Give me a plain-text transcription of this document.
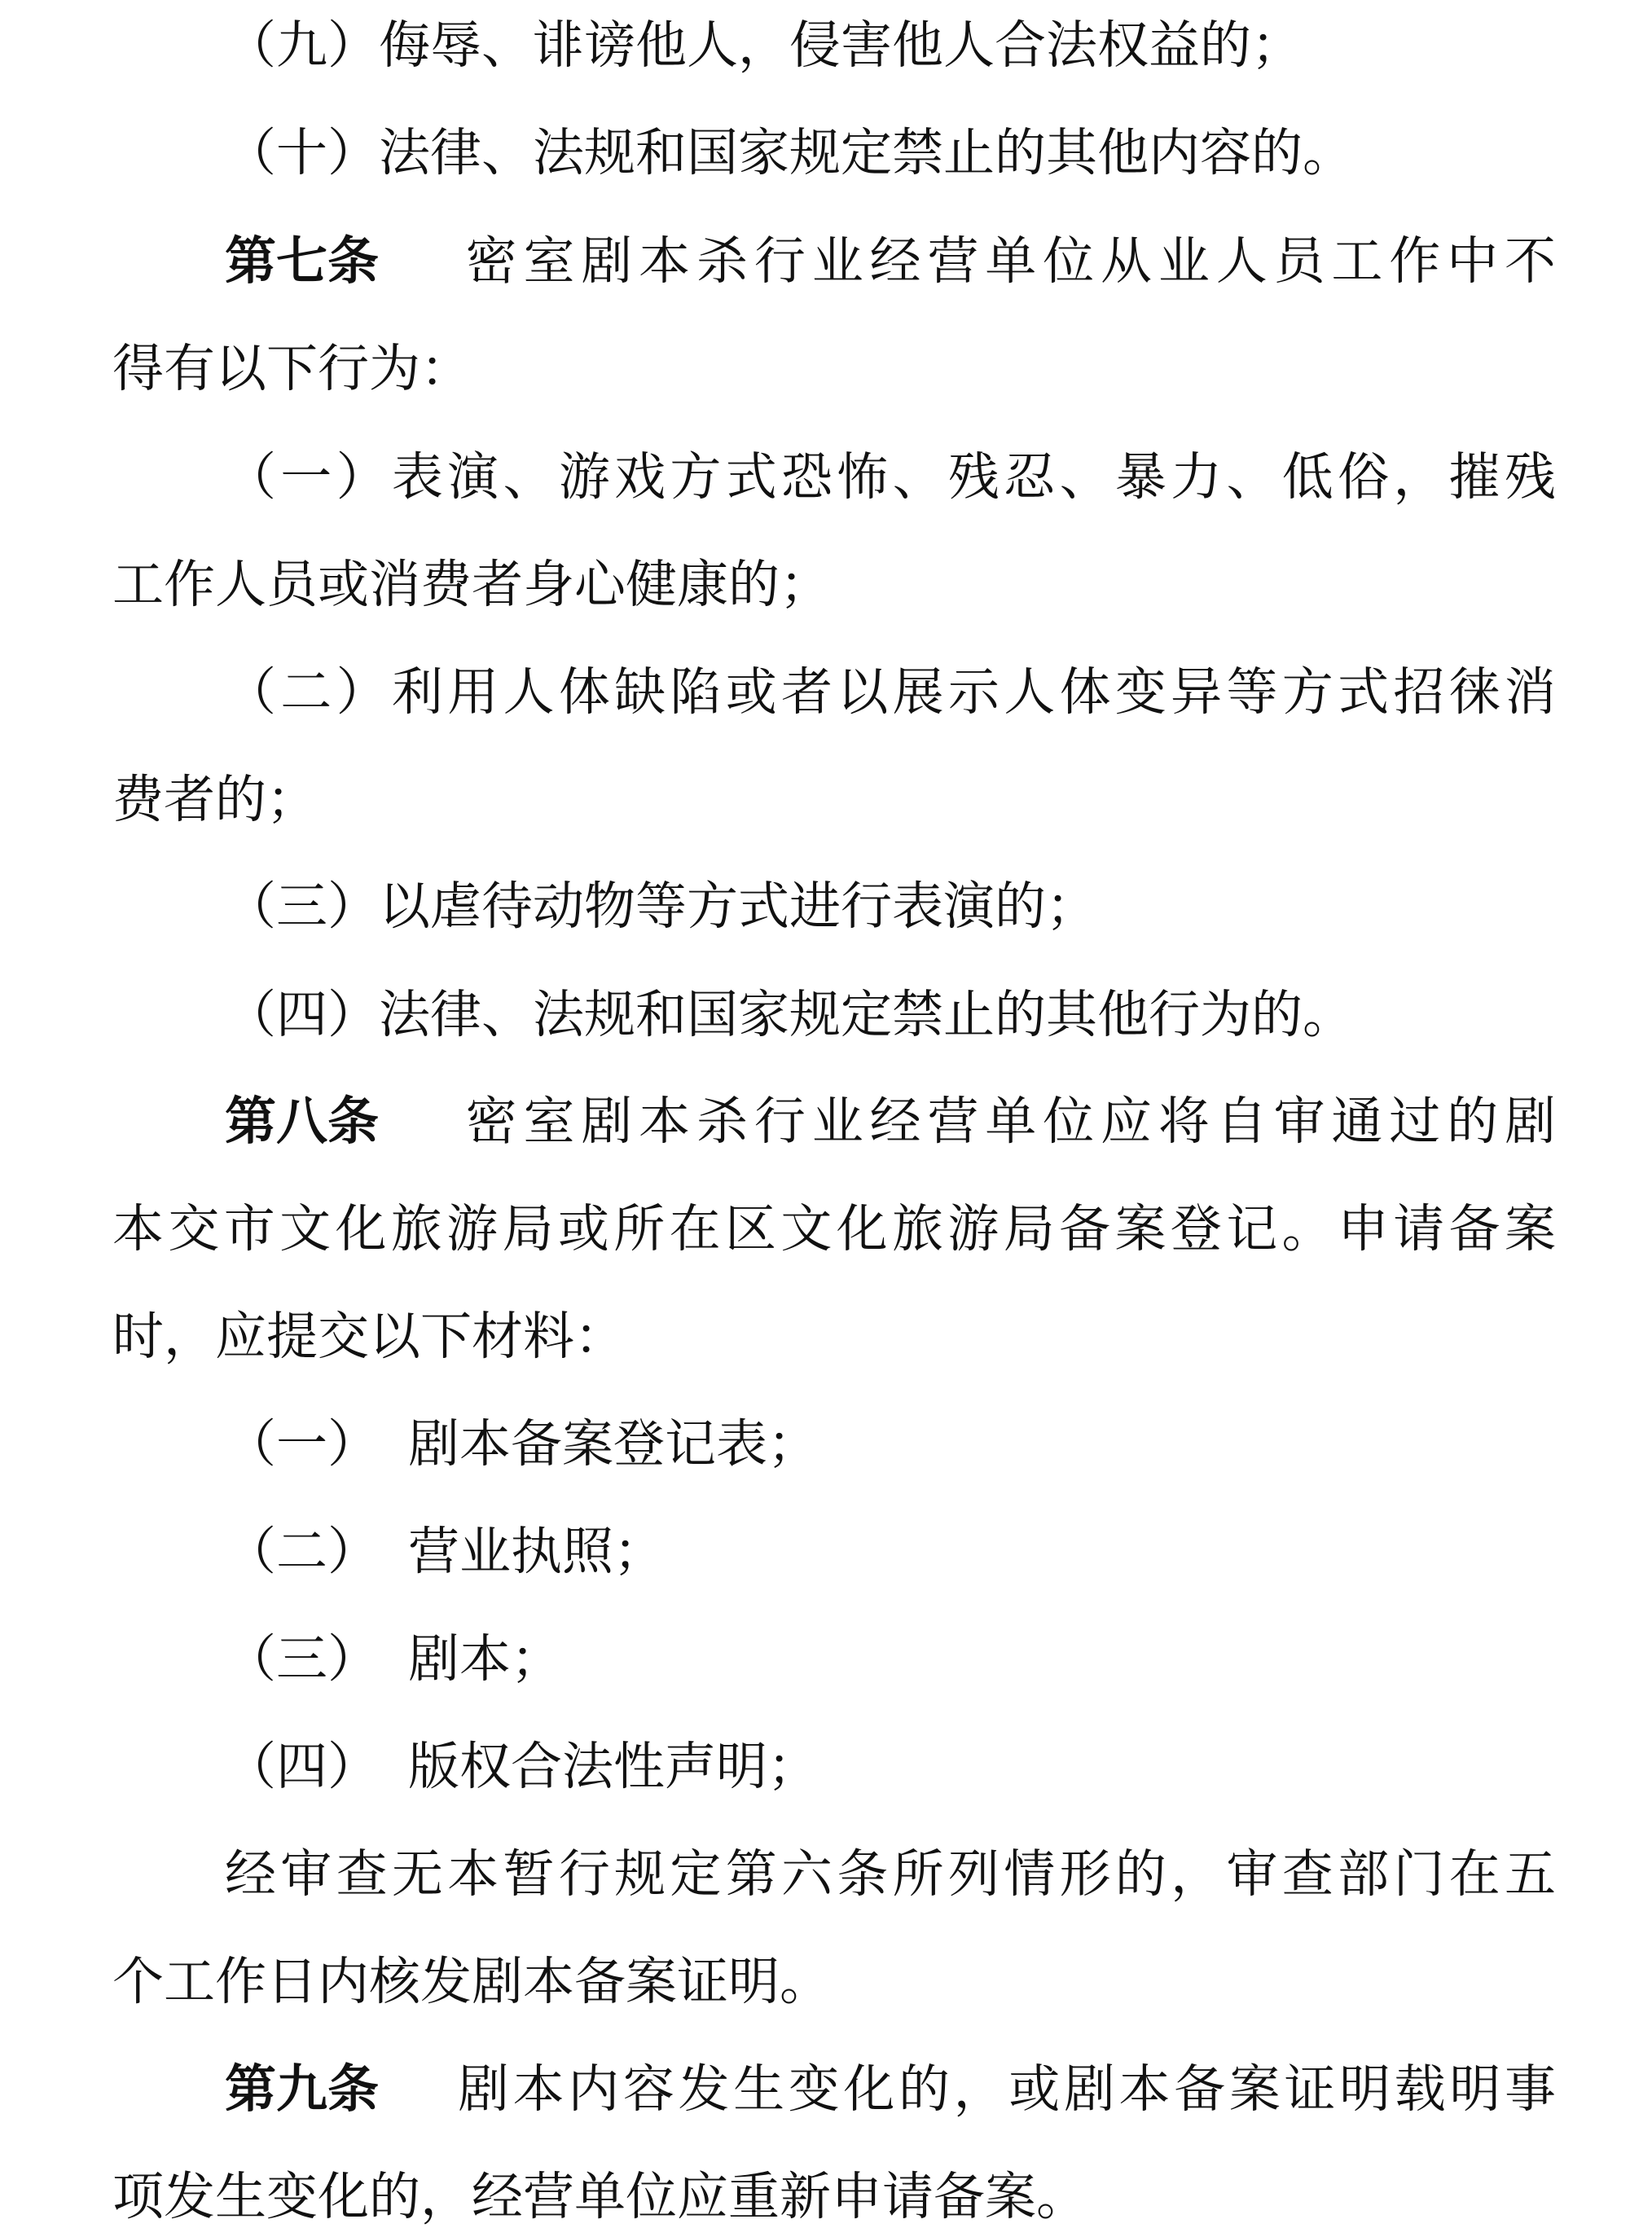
（九）侮辱、诽谤他人，侵害他人合法权益的；
（十）法律、法规和国家规定禁止的其他内容的。
第七条　 密室剧本杀行业经营单位从业人员工作中不
得有以下行为：
（一）表演、游戏方式恐怖、残忍、暴力、低俗，摧残
工作人员或消费者身心健康的；
（二）利用人体缺陷或者以展示人体变异等方式招徕消
费者的；
（三）以虐待动物等方式进行表演的；
（四）法律、法规和国家规定禁止的其他行为的。
第八条　 密室剧本杀行业经营单位应将自审通过的剧
本交市文化旅游局或所在区文化旅游局备案登记。申请备案
时，应提交以下材料：
（一） 剧本备案登记表；
（二） 营业执照；
（三） 剧本；
（四） 版权合法性声明；
经审查无本暂行规定第六条所列情形的，审查部门在五
个工作日内核发剧本备案证明。
第九条　 剧本内容发生变化的，或剧本备案证明载明事
项发生变化的，经营单位应重新申请备案。
